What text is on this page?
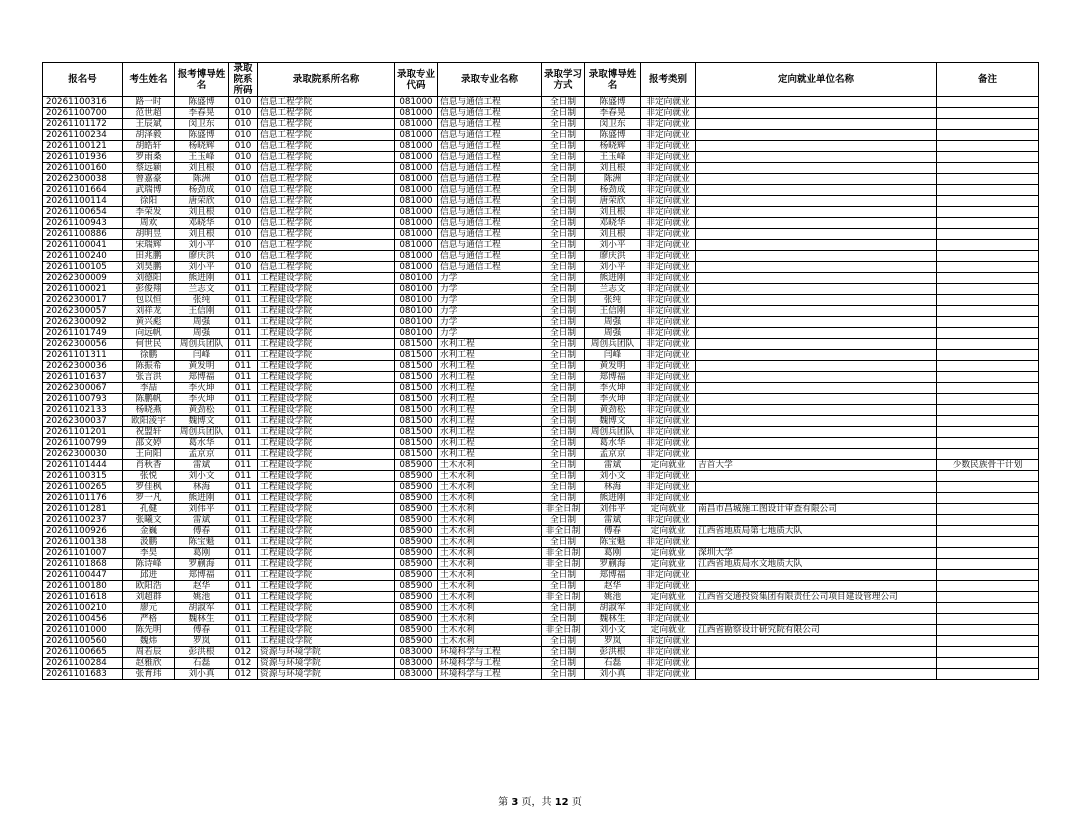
报名号	考生姓名	报考博导姓名	录取院系所码	录取院系所名称	录取专业代码	录取专业名称	录取学习方式	录取博导姓名	报考类别	定向就业单位名称	备注
20261100316	路一时	陈盛博	010	信息工程学院	081000	信息与通信工程	全日制	陈盛博	非定向就业		
20261100700	范世超	李春晃	010	信息工程学院	081000	信息与通信工程	全日制	李春晃	非定向就业		
20261101172	王辰斌	闵卫东	010	信息工程学院	081000	信息与通信工程	全日制	闵卫东	非定向就业		
20261100234	胡泽毅	陈盛博	010	信息工程学院	081000	信息与通信工程	全日制	陈盛博	非定向就业		
20261100121	胡皓轩	杨晓辉	010	信息工程学院	081000	信息与通信工程	全日制	杨晓辉	非定向就业		
20261101936	罗雨桑	王玉峰	010	信息工程学院	081000	信息与通信工程	全日制	王玉峰	非定向就业		
20261100160	蔡远颖	刘且根	010	信息工程学院	081000	信息与通信工程	全日制	刘且根	非定向就业		
20262300038	曾嘉豪	陈洲	010	信息工程学院	081000	信息与通信工程	全日制	陈洲	非定向就业		
20261101664	武瑞博	杨劲成	010	信息工程学院	081000	信息与通信工程	全日制	杨劲成	非定向就业		
20261100114	徐阳	唐荣欣	010	信息工程学院	081000	信息与通信工程	全日制	唐荣欣	非定向就业		
20261100654	李荣发	刘且根	010	信息工程学院	081000	信息与通信工程	全日制	刘且根	非定向就业		
20261100943	周欢	邓晓华	010	信息工程学院	081000	信息与通信工程	全日制	邓晓华	非定向就业		
20261100886	胡明昱	刘且根	010	信息工程学院	081000	信息与通信工程	全日制	刘且根	非定向就业		
20261100041	宋瑞辉	刘小平	010	信息工程学院	081000	信息与通信工程	全日制	刘小平	非定向就业		
20261100240	田兆鹏	廖庆洪	010	信息工程学院	081000	信息与通信工程	全日制	廖庆洪	非定向就业		
20261100105	刘昊鹏	刘小平	010	信息工程学院	081000	信息与通信工程	全日制	刘小平	非定向就业		
20262300009	刘德阳	熊进刚	011	工程建设学院	080100	力学	全日制	熊进刚	非定向就业		
20261100021	彭俊翔	兰志文	011	工程建设学院	080100	力学	全日制	兰志文	非定向就业		
20262300017	包以恒	张纯	011	工程建设学院	080100	力学	全日制	张纯	非定向就业		
20262300057	刘祥龙	王信刚	011	工程建设学院	080100	力学	全日制	王信刚	非定向就业		
20262300092	黄兴彪	周强	011	工程建设学院	080100	力学	全日制	周强	非定向就业		
20261101749	向远帆	周强	011	工程建设学院	080100	力学	全日制	周强	非定向就业		
20262300056	何世民	周创兵团队	011	工程建设学院	081500	水利工程	全日制	周创兵团队	非定向就业		
20261101311	徐鹏	闫峰	011	工程建设学院	081500	水利工程	全日制	闫峰	非定向就业		
20262300036	陈振希	黄发明	011	工程建设学院	081500	水利工程	全日制	黄发明	非定向就业		
20261101637	张言洪	郑博福	011	工程建设学院	081500	水利工程	全日制	郑博福	非定向就业		
20262300067	李喆	李火坤	011	工程建设学院	081500	水利工程	全日制	李火坤	非定向就业		
20261100793	陈鹏帆	李火坤	011	工程建设学院	081500	水利工程	全日制	李火坤	非定向就业		
20261102133	杨晓燕	黄劲松	011	工程建设学院	081500	水利工程	全日制	黄劲松	非定向就业		
20262300037	欧阳淩宇	魏博文	011	工程建设学院	081500	水利工程	全日制	魏博文	非定向就业		
20261101201	祝盟轩	周创兵团队	011	工程建设学院	081500	水利工程	全日制	周创兵团队	非定向就业		
20261100799	邵文婷	葛水华	011	工程建设学院	081500	水利工程	全日制	葛水华	非定向就业		
20262300030	王向阳	孟京京	011	工程建设学院	081500	水利工程	全日制	孟京京	非定向就业		
20261101444	肖秋香	雷斌	011	工程建设学院	085900	土木水利	全日制	雷斌	定向就业	吉首大学	少数民族骨干计划
20261100315	张悦	刘小文	011	工程建设学院	085900	土木水利	全日制	刘小文	非定向就业		
20261100265	罗佳枫	林海	011	工程建设学院	085900	土木水利	全日制	林海	非定向就业		
20261101176	罗一凡	熊进刚	011	工程建设学院	085900	土木水利	全日制	熊进刚	非定向就业		
20261101281	孔健	刘伟平	011	工程建设学院	085900	土木水利	非全日制	刘伟平	定向就业	南昌市昌城施工图设计审查有限公司	
20261100237	张曦文	雷斌	011	工程建设学院	085900	土木水利	全日制	雷斌	非定向就业		
20261100926	金巍	傅春	011	工程建设学院	085900	土木水利	非全日制	傅春	定向就业	江西省地质局第七地质大队	
20261100138	汲鹏	陈宝魁	011	工程建设学院	085900	土木水利	全日制	陈宝魁	非定向就业		
20261101007	李昊	葛刚	011	工程建设学院	085900	土木水利	非全日制	葛刚	定向就业	深圳大学	
20261101868	陈诗峰	罗蒯海	011	工程建设学院	085900	土木水利	非全日制	罗蒯海	定向就业	江西省地质局水文地质大队	
20261100447	邱进	郑博福	011	工程建设学院	085900	土木水利	全日制	郑博福	非定向就业		
20261100180	欧阳浩	赵华	011	工程建设学院	085900	土木水利	全日制	赵华	非定向就业		
20261101618	刘超群	姚池	011	工程建设学院	085900	土木水利	非全日制	姚池	定向就业	江西省交通投资集团有限责任公司项目建设管理公司	
20261100210	廖元	胡淑军	011	工程建设学院	085900	土木水利	全日制	胡淑军	非定向就业		
20261100456	严格	魏林生	011	工程建设学院	085900	土木水利	全日制	魏林生	非定向就业		
20261101000	陈先明	傅春	011	工程建设学院	085900	土木水利	非全日制	刘小文	定向就业	江西省勘察设计研究院有限公司	
20261100560	魏炜	罗岚	011	工程建设学院	085900	土木水利	全日制	罗岚	非定向就业		
20261100665	周若辰	彭洪根	012	资源与环境学院	083000	环境科学与工程	全日制	彭洪根	非定向就业		
20261100284	赵雅欣	石磊	012	资源与环境学院	083000	环境科学与工程	全日制	石磊	非定向就业		
20261101683	张育玮	刘小真	012	资源与环境学院	083000	环境科学与工程	全日制	刘小真	非定向就业		
第 3 页，共 12 页
